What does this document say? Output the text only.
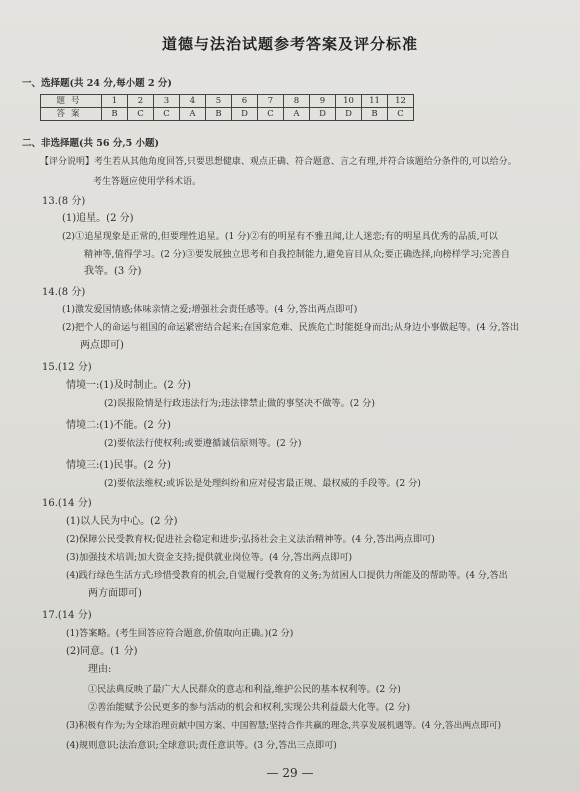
道德与法治试题参考答案及评分标准
一、选择题(共 24 分,每小题 2 分)
题号	1	2	3	4	5	6	7	8	9	10	11	12
答案	B	C	C	A	B	D	C	A	D	D	B	C
二、非选择题(共 56 分,5 小题)
【评分说明】考生若从其他角度回答,只要思想健康、观点正确、符合题意、言之有理,并符合该题给分条件的,可以给分。
考生答题应使用学科术语。
13.(8 分)
(1)追星。(2 分)
(2)①追星现象是正常的,但要理性追星。(1 分)②有的明星有不雅丑闻,让人迷恋;有的明星具优秀的品质,可以
精神等,值得学习。(2 分)③要发展独立思考和自我控制能力,避免盲目从众;要正确选择,向榜样学习;完善自
我等。(3 分)
14.(8 分)
(1)激发爱国情感;体味亲情之爱;增强社会责任感等。(4 分,答出两点即可)
(2)把个人的命运与祖国的命运紧密结合起来;在国家危难、民族危亡时能挺身而出;从身边小事做起等。(4 分,答出
两点即可)
15.(12 分)
情境一:(1)及时制止。(2 分)
(2)误报险情是行政违法行为;违法律禁止做的事坚决不做等。(2 分)
情境二:(1)不能。(2 分)
(2)要依法行使权利;或要遵循诚信原则等。(2 分)
情境三:(1)民事。(2 分)
(2)要依法维权;或诉讼是处理纠纷和应对侵害最正规、最权威的手段等。(2 分)
16.(14 分)
(1)以人民为中心。(2 分)
(2)保障公民受教育权;促进社会稳定和进步;弘扬社会主义法治精神等。(4 分,答出两点即可)
(3)加强技术培训;加大资金支持;提供就业岗位等。(4 分,答出两点即可)
(4)践行绿色生活方式;珍惜受教育的机会,自觉履行受教育的义务;为贫困人口提供力所能及的帮助等。(4 分,答出
两方面即可)
17.(14 分)
(1)答案略。(考生回答应符合题意,价值取向正确。)(2 分)
(2)同意。(1 分)
理由:
①民法典反映了最广大人民群众的意志和利益,维护公民的基本权利等。(2 分)
②善治能赋予公民更多的参与活动的机会和权利,实现公共利益最大化等。(2 分)
(3)积极有作为;为全球治理贡献中国方案、中国智慧;坚持合作共赢的理念,共享发展机遇等。(4 分,答出两点即可)
(4)规则意识;法治意识;全球意识;责任意识等。(3 分,答出三点即可)
— 29 —
